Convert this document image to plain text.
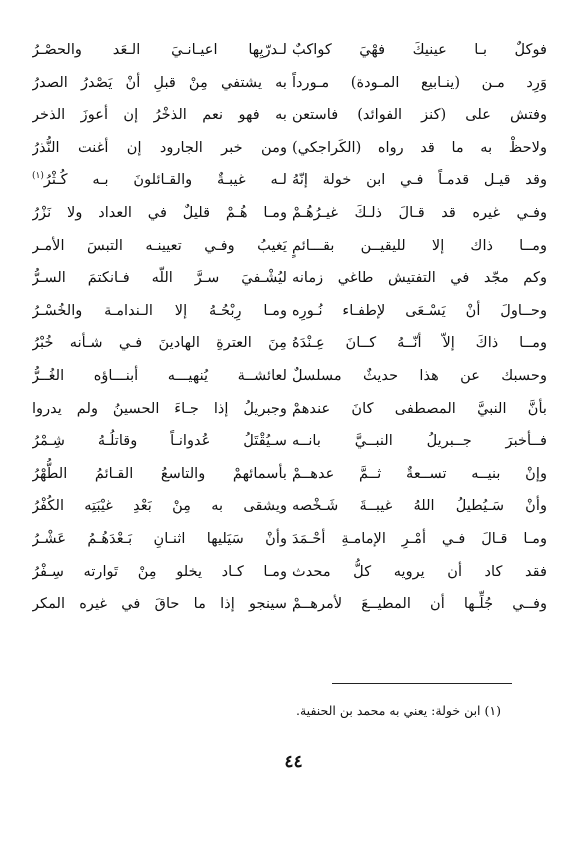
فوكلٌ بـا عينيكَ فهْيَ كواكبٌ
وَرِد مـن (ينـابيع المـودة) مـورداً
وفتش على (كنز الفوائد) فاستعن
ولاحظْ به ما قد رواه (الكَراجكي)
وقد قيـل قدمـاً فـي ابن خولة إنّهُ
وفـي غيره قد قـالَ ذلـكَ غيـرُهُـمْ
ومــا ذاك إلا لليقيــن بقـــائمٍ
وكم مجّد في التفتيش طاغي زمانه
وحــاولَ أنْ يَسْـعَى لإطفـاء نُـورِه
ومــا ذاكَ إلاّ أنّــهُ كــانَ عِـنْدَهُ
وحسبك عن هذا حديثٌ مسلسلٌ
بأنَّ النبيَّ المصطفى كانَ عندهمْ
فــأخبرَ جــبريلُ النبــيَّ بانــه
وإنْ بنيــه تســعةٌ ثــمَّ عدهــمْ
وأنْ سَـيُطيلُ اللهُ غيبــةَ شَـخْصه
ومـا قـالَ فـي أمْـرِ الإمامـةِ أحْـمَدَ
فقد كاد أن يرويه كلُّ محدث
وفــي جُلِّـها أن المطيــعَ لأمرهــمْ
لـدرّيِها اعيـانـيَ الـعَد والحصْـرُ
به يشتفي مِنْ قبلِ أنْ يَصْدرُ الصدرُ
به فهو نعم الذخْرُ إن أعوزَ الذخر
ومن خبر الجارود إن أغنت النُّذرُ
لـه غيبـةٌ والقـائلونَ بـه كُـثْرُ$^{(١)}$
ومـا هُـمْ قليلٌ في العداد ولا نَزْرُ
يَغيبُ وفـي تعيينـه التبسَ الأمـر
ليُشْـفيَ سـرَّ اللّه فـانكتمَ السـرُّ
ومـا رِبْحُـهُ إلا الـندامـة والخُسْـرُ
مِنَ العترةِ الهادينَ فـي شـأنه خُبْرُ
لعائشــة يُنهيـــه أبنـــاؤه الغُــرُّ
وجبريلُ إذا جـاءَ الحسينُ ولم يدروا
سـيُقْتَلُ عُدوانـاً وقاتلُـهُ شِـمْرُ
بأسمائهمْ والتاسعُ القـائمُ الطُّهْرُ
ويشقى به مِنْ بَعْدِ غيْبَتِه الكُفْرُ
وأنْ سَيَليها اثنـانِ بَـعْدَهُـمُ عَشْـرُ
ومـا كـاد يخلو مِنْ تَوارته سِـفْرُ
سينجو إذا ما حاقَ في غيره المكر
(١) ابن خولة: يعني به محمد بن الحنفية.
٤٤
